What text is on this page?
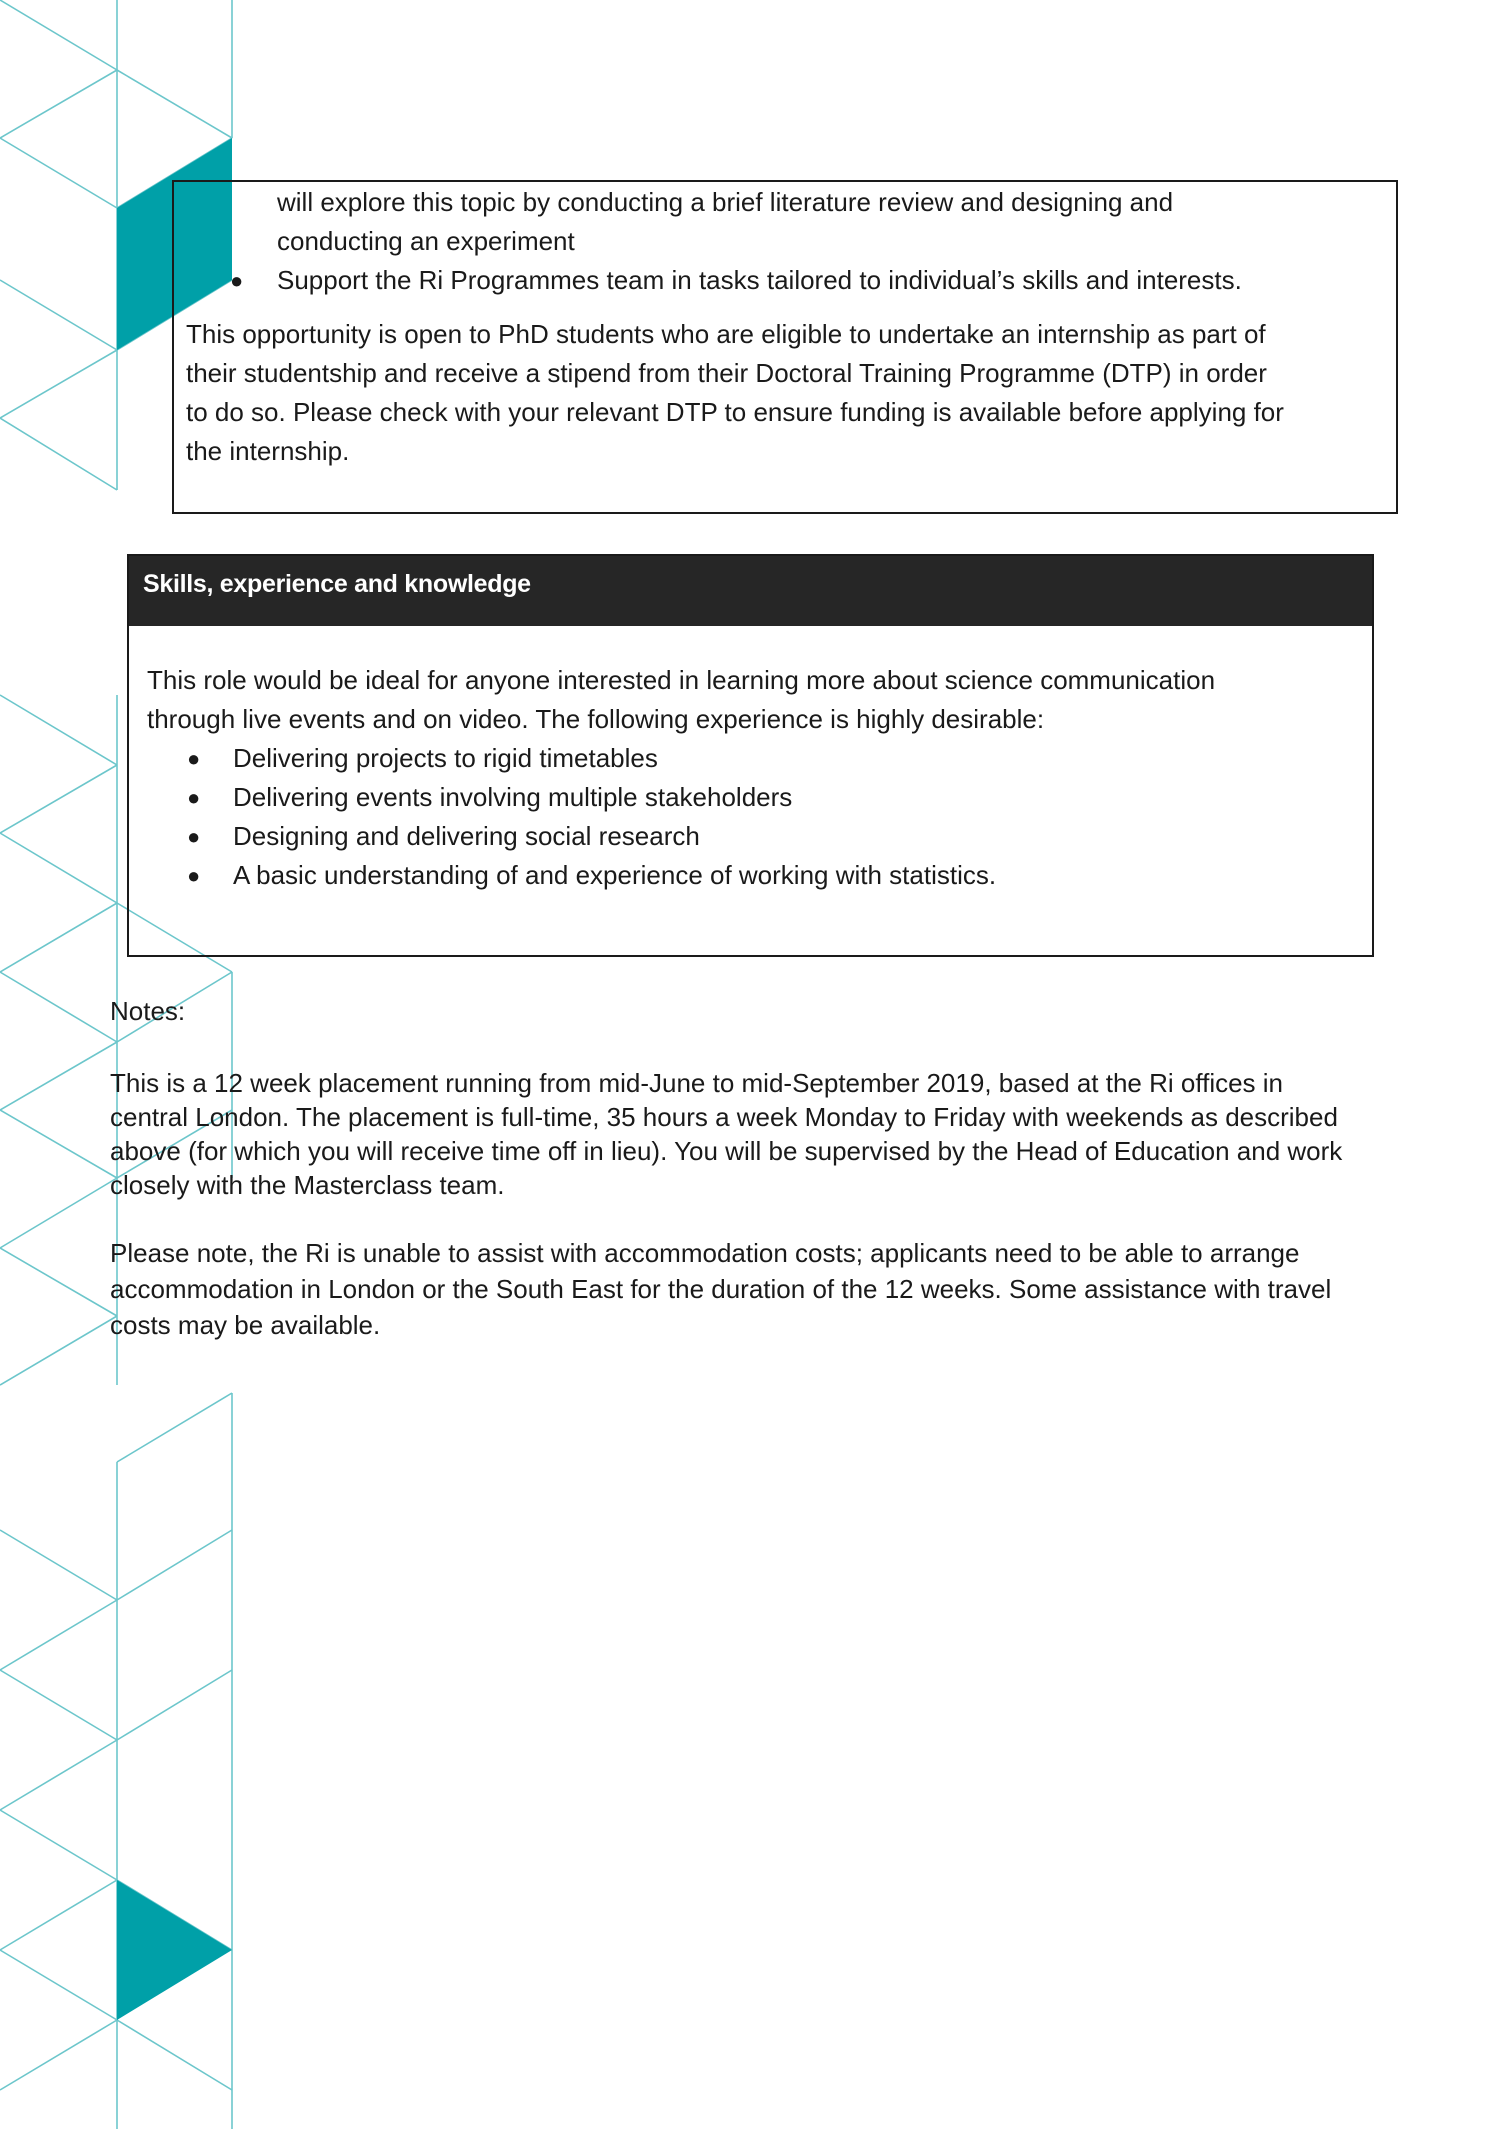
will explore this topic by conducting a brief literature review and designing and
conducting an experiment
● Support the Ri Programmes team in tasks tailored to individual’s skills and interests.
This opportunity is open to PhD students who are eligible to undertake an internship as part of
their studentship and receive a stipend from their Doctoral Training Programme (DTP) in order
to do so. Please check with your relevant DTP to ensure funding is available before applying for
the internship.
Skills, experience and knowledge
This role would be ideal for anyone interested in learning more about science communication
through live events and on video. The following experience is highly desirable:
● Delivering projects to rigid timetables
● Delivering events involving multiple stakeholders
● Designing and delivering social research
● A basic understanding of and experience of working with statistics.
Notes:
This is a 12 week placement running from mid-June to mid-September 2019, based at the Ri offices in
central London. The placement is full-time, 35 hours a week Monday to Friday with weekends as described
above (for which you will receive time off in lieu). You will be supervised by the Head of Education and work
closely with the Masterclass team.
Please note, the Ri is unable to assist with accommodation costs; applicants need to be able to arrange
accommodation in London or the South East for the duration of the 12 weeks. Some assistance with travel
costs may be available.
